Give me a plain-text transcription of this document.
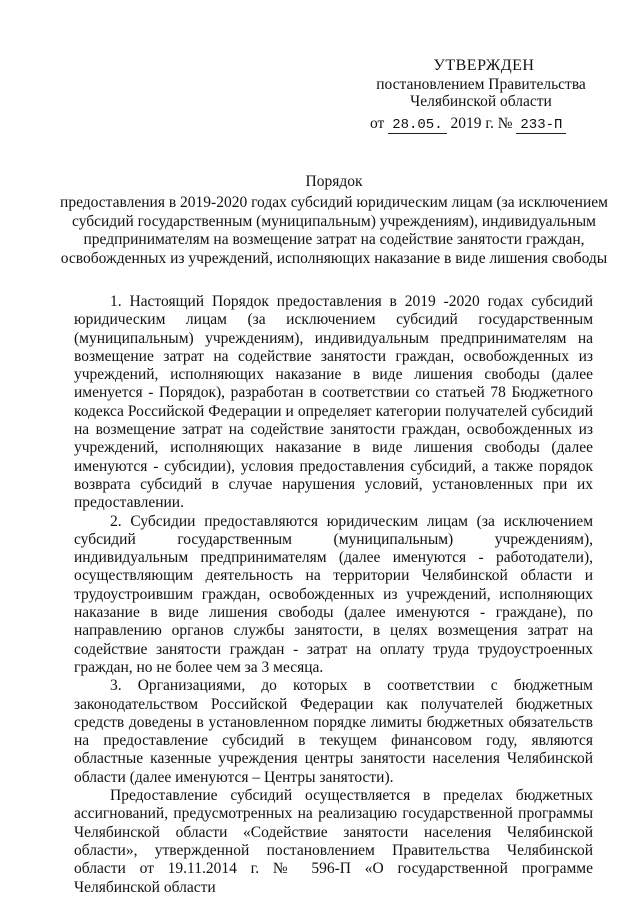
УТВЕРЖДЕН
постановлением Правительства
Челябинской области
от 28.05. 2019 г. № 233-П
Порядок
предоставления в 2019-2020 годах субсидий юридическим лицам (за исключением субсидий государственным (муниципальным) учреждениям), индивидуальным предпринимателям на возмещение затрат на содействие занятости граждан, освобожденных из учреждений, исполняющих наказание в виде лишения свободы

1. Настоящий Порядок предоставления в 2019 -2020 годах субсидий юридическим лицам (за исключением субсидий государственным (муниципальным) учреждениям), индивидуальным предпринимателям на возмещение затрат на содействие занятости граждан, освобожденных из учреждений, исполняющих наказание в виде лишения свободы (далее именуется - Порядок), разработан в соответствии со статьей 78 Бюджетного кодекса Российской Федерации и определяет категории получателей субсидий на возмещение затрат на содействие занятости граждан, освобожденных из учреждений, исполняющих наказание в виде лишения свободы (далее именуются - субсидии), условия предоставления субсидий, а также порядок возврата субсидий в случае нарушения условий, установленных при их предоставлении.

2. Субсидии предоставляются юридическим лицам (за исключением субсидий государственным (муниципальным) учреждениям), индивидуальным предпринимателям (далее именуются - работодатели), осуществляющим деятельность на территории Челябинской области и трудоустроившим граждан, освобожденных из учреждений, исполняющих наказание в виде лишения свободы (далее именуются - граждане), по направлению органов службы занятости, в целях возмещения затрат на содействие занятости граждан - затрат на оплату труда трудоустроенных граждан, но не более чем за 3 месяца.

3. Организациями, до которых в соответствии с бюджетным законодательством Российской Федерации как получателей бюджетных средств доведены в установленном порядке лимиты бюджетных обязательств на предоставление субсидий в текущем финансовом году, являются областные казенные учреждения центры занятости населения Челябинской области (далее именуются – Центры занятости).

Предоставление субсидий осуществляется в пределах бюджетных ассигнований, предусмотренных на реализацию государственной программы Челябинской области «Содействие занятости населения Челябинской области», утвержденной постановлением Правительства Челябинской области от 19.11.2014 г. № 596-П «О государственной программе Челябинской области
